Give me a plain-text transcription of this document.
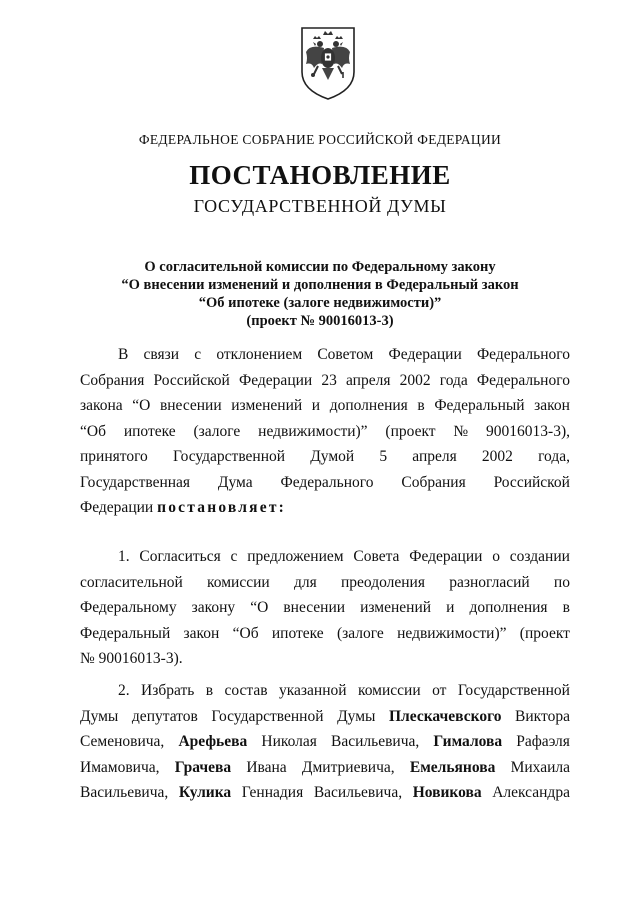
ФЕДЕРАЛЬНОЕ СОБРАНИЕ РОССИЙСКОЙ ФЕДЕРАЦИИ
ПОСТАНОВЛЕНИЕ
ГОСУДАРСТВЕННОЙ ДУМЫ
О согласительной комиссии по Федеральному закону
“О внесении изменений и дополнения в Федеральный закон
“Об ипотеке (залоге недвижимости)”
(проект № 90016013-3)
В связи с отклонением Советом Федерации Федерального
Собрания Российской Федерации 23 апреля 2002 года Федерального
закона “О внесении изменений и дополнения в Федеральный закон
“Об ипотеке (залоге недвижимости)” (проект № 90016013-3),
принятого Государственной Думой 5 апреля 2002 года,
Государственная Дума Федерального Собрания Российской
Федерации постановляет:
1. Согласиться с предложением Совета Федерации о создании
согласительной комиссии для преодоления разногласий по
Федеральному закону “О внесении изменений и дополнения в
Федеральный закон “Об ипотеке (залоге недвижимости)” (проект
№ 90016013-3).
2. Избрать в состав указанной комиссии от Государственной
Думы депутатов Государственной Думы Плескачевского Виктора
Семеновича, Арефьева Николая Васильевича, Гималова Рафаэля
Имамовича, Грачева Ивана Дмитриевича, Емельянова Михаила
Васильевича, Кулика Геннадия Васильевича, Новикова Александра
